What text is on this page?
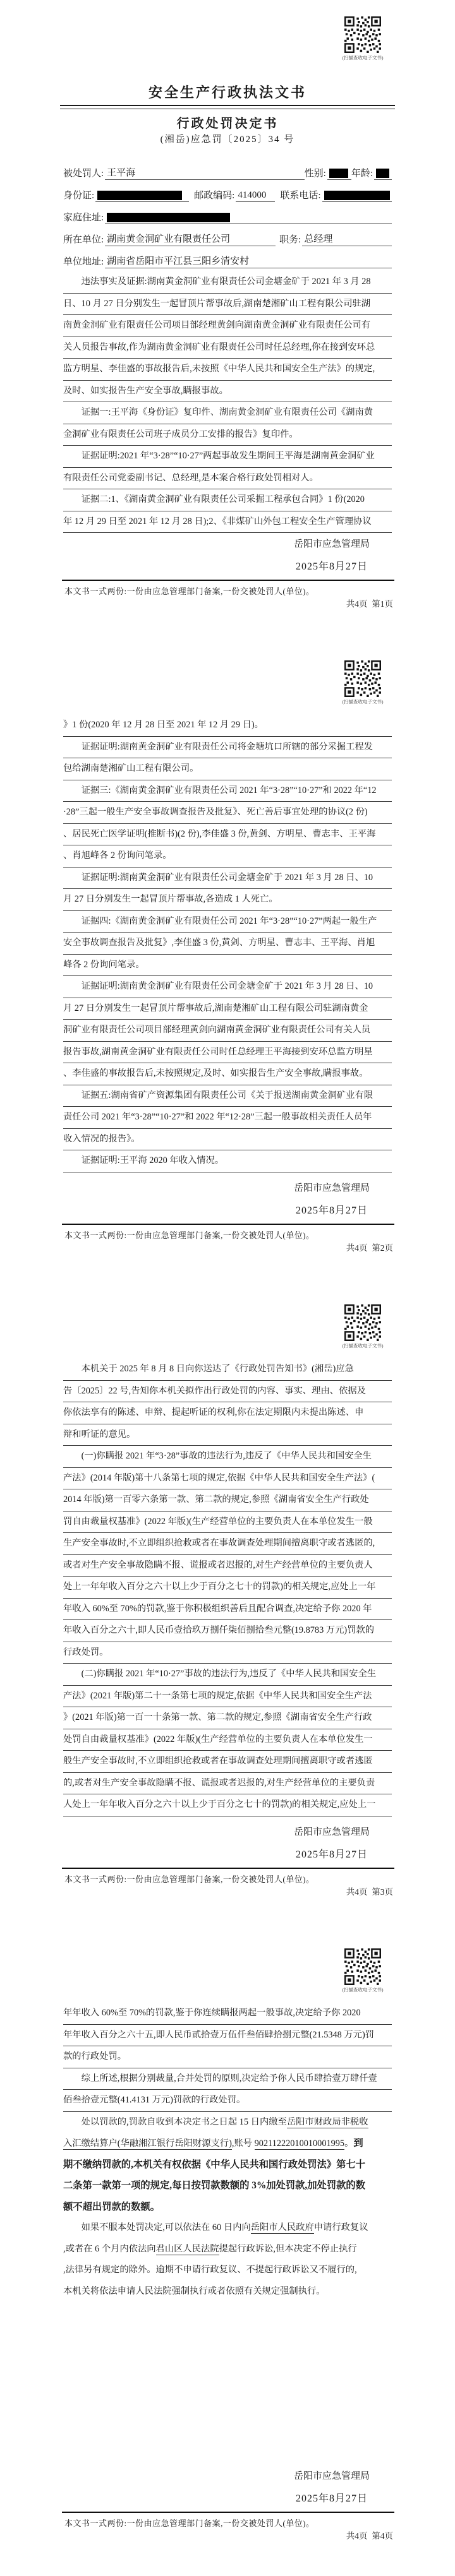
(扫描查收电子文书)
安全生产行政执法文书
行政处罚决定书
(湘岳)应急罚〔2025〕34 号
被处罚人: 王平海	性别:	年龄:
身份证:	邮政编码: 414000	联系电话:
家庭住址:
所在单位: 湖南黄金洞矿业有限责任公司	职务: 总经理
单位地址: 湖南省岳阳市平江县三阳乡清安村
　　违法事实及证据:湖南黄金洞矿业有限责任公司金塘金矿于 2021 年 3 月 28
日、10 月 27 日分别发生一起冒顶片帮事故后,湖南楚湘矿山工程有限公司驻湖
南黄金洞矿业有限责任公司项目部经理黄剑向湖南黄金洞矿业有限责任公司有
关人员报告事故,作为湖南黄金洞矿业有限责任公司时任总经理,你在接到安环总
监方明星、李佳盛的事故报告后,未按照《中华人民共和国安全生产法》的规定,
及时、如实报告生产安全事故,瞒报事故。
　　证据一:王平海《身份证》复印件、湖南黄金洞矿业有限责任公司《湖南黄
金洞矿业有限责任公司班子成员分工安排的报告》复印件。
　　证据证明:2021 年“3·28”“10·27”两起事故发生期间王平海是湖南黄金洞矿业
有限责任公司党委副书记、总经理,是本案合格行政处罚相对人。
　　证据二:1、《湖南黄金洞矿业有限责任公司采掘工程承包合同》1 份(2020
年 12 月 29 日至 2021 年 12 月 28 日);2、《非煤矿山外包工程安全生产管理协议
岳阳市应急管理局
2025年8月27日
本文书一式两份:一份由应急管理部门备案,一份交被处罚人(单位)。
共4页  第1页
(扫描查收电子文书)
》1 份(2020 年 12 月 28 日至 2021 年 12 月 29 日)。
　　证据证明:湖南黄金洞矿业有限责任公司将金塘坑口所辖的部分采掘工程发
包给湖南楚湘矿山工程有限公司。
　　证据三:《湖南黄金洞矿业有限责任公司 2021 年“3·28”“10·27”和 2022 年“12
·28”三起一般生产安全事故调查报告及批复》、死亡善后事宜处理的协议(2 份)
、居民死亡医学证明(推断书)(2 份),李佳盛 3 份,黄剑、方明星、曹志丰、王平海
、肖旭峰各 2 份询问笔录。
　　证据证明:湖南黄金洞矿业有限责任公司金塘金矿于 2021 年 3 月 28 日、10
月 27 日分别发生一起冒顶片帮事故,各造成 1 人死亡。
　　证据四:《湖南黄金洞矿业有限责任公司 2021 年“3·28”“10·27”两起一般生产
安全事故调查报告及批复》,李佳盛 3 份,黄剑、方明星、曹志丰、王平海、肖旭
峰各 2 份询问笔录。
　　证据证明:湖南黄金洞矿业有限责任公司金塘金矿于 2021 年 3 月 28 日、10
月 27 日分别发生一起冒顶片帮事故后,湖南楚湘矿山工程有限公司驻湖南黄金
洞矿业有限责任公司项目部经理黄剑向湖南黄金洞矿业有限责任公司有关人员
报告事故,湖南黄金洞矿业有限责任公司时任总经理王平海接到安环总监方明星
、李佳盛的事故报告后,未按照规定,及时、如实报告生产安全事故,瞒报事故。
　　证据五:湖南省矿产资源集团有限责任公司《关于报送湖南黄金洞矿业有限
责任公司 2021 年“3·28”“10·27”和 2022 年“12·28”三起一般事故相关责任人员年
收入情况的报告》。
　　证据证明:王平海 2020 年收入情况。
岳阳市应急管理局
2025年8月27日
本文书一式两份:一份由应急管理部门备案,一份交被处罚人(单位)。
共4页  第2页
(扫描查收电子文书)
　　本机关于 2025 年 8 月 8 日向你送达了《行政处罚告知书》(湘岳)应急
告〔2025〕22 号,告知你本机关拟作出行政处罚的内容、事实、理由、依据及
你依法享有的陈述、申辩、提起听证的权利,你在法定期限内未提出陈述、申
辩和听证的意见。
　　(一)你瞒报 2021 年“3·28”事故的违法行为,违反了《中华人民共和国安全生
产法》(2014 年版)第十八条第七项的规定,依据《中华人民共和国安全生产法》(
2014 年版)第一百零六条第一款、第二款的规定,参照《湖南省安全生产行政处
罚自由裁量权基准》(2022 年版)(生产经营单位的主要负责人在本单位发生一般
生产安全事故时,不立即组织抢救或者在事故调查处理期间擅离职守或者逃匿的,
或者对生产安全事故隐瞒不报、谎报或者迟报的,对生产经营单位的主要负责人
处上一年年收入百分之六十以上少于百分之七十的罚款)的相关规定,应处上一年
年收入 60%至 70%的罚款,鉴于你积极组织善后且配合调查,决定给予你 2020 年
年收入百分之六十,即人民币壹拾玖万捌仟柒佰捌拾叁元整(19.8783 万元)罚款的
行政处罚。
　　(二)你瞒报 2021 年“10·27”事故的违法行为,违反了《中华人民共和国安全生
产法》(2021 年版)第二十一条第七项的规定,依据《中华人民共和国安全生产法
》(2021 年版)第一百一十条第一款、第二款的规定,参照《湖南省安全生产行政
处罚自由裁量权基准》(2022 年版)(生产经营单位的主要负责人在本单位发生一
般生产安全事故时,不立即组织抢救或者在事故调查处理期间擅离职守或者逃匿
的,或者对生产安全事故隐瞒不报、谎报或者迟报的,对生产经营单位的主要负责
人处上一年年收入百分之六十以上少于百分之七十的罚款)的相关规定,应处上一
岳阳市应急管理局
2025年8月27日
本文书一式两份:一份由应急管理部门备案,一份交被处罚人(单位)。
共4页  第3页
(扫描查收电子文书)
年年收入 60%至 70%的罚款,鉴于你连续瞒报两起一般事故,决定给予你 2020
年年收入百分之六十五,即人民币贰拾壹万伍仟叁佰肆拾捌元整(21.5348 万元)罚
款的行政处罚。
　　综上所述,根据分别裁量,合并处罚的原则,决定给予你人民币肆拾壹万肆仟壹
佰叁拾壹元整(41.4131 万元)罚款的行政处罚。
　　处以罚款的,罚款自收到本决定书之日起 15 日内缴至岳阳市财政局非税收
入汇缴结算户(华融湘江银行岳阳财源支行),账号 90211222010010001995。到
期不缴纳罚款的,本机关有权依据《中华人民共和国行政处罚法》第七十
二条第一款第一项的规定,每日按罚款数额的 3%加处罚款,加处罚款的数
额不超出罚款的数额。
　　如果不服本处罚决定,可以依法在 60 日内向岳阳市人民政府申请行政复议
,或者在 6 个月内依法向君山区人民法院提起行政诉讼,但本决定不停止执行
,法律另有规定的除外。逾期不申请行政复议、不提起行政诉讼又不履行的,
本机关将依法申请人民法院强制执行或者依照有关规定强制执行。
岳阳市应急管理局
2025年8月27日
本文书一式两份:一份由应急管理部门备案,一份交被处罚人(单位)。
共4页  第4页
